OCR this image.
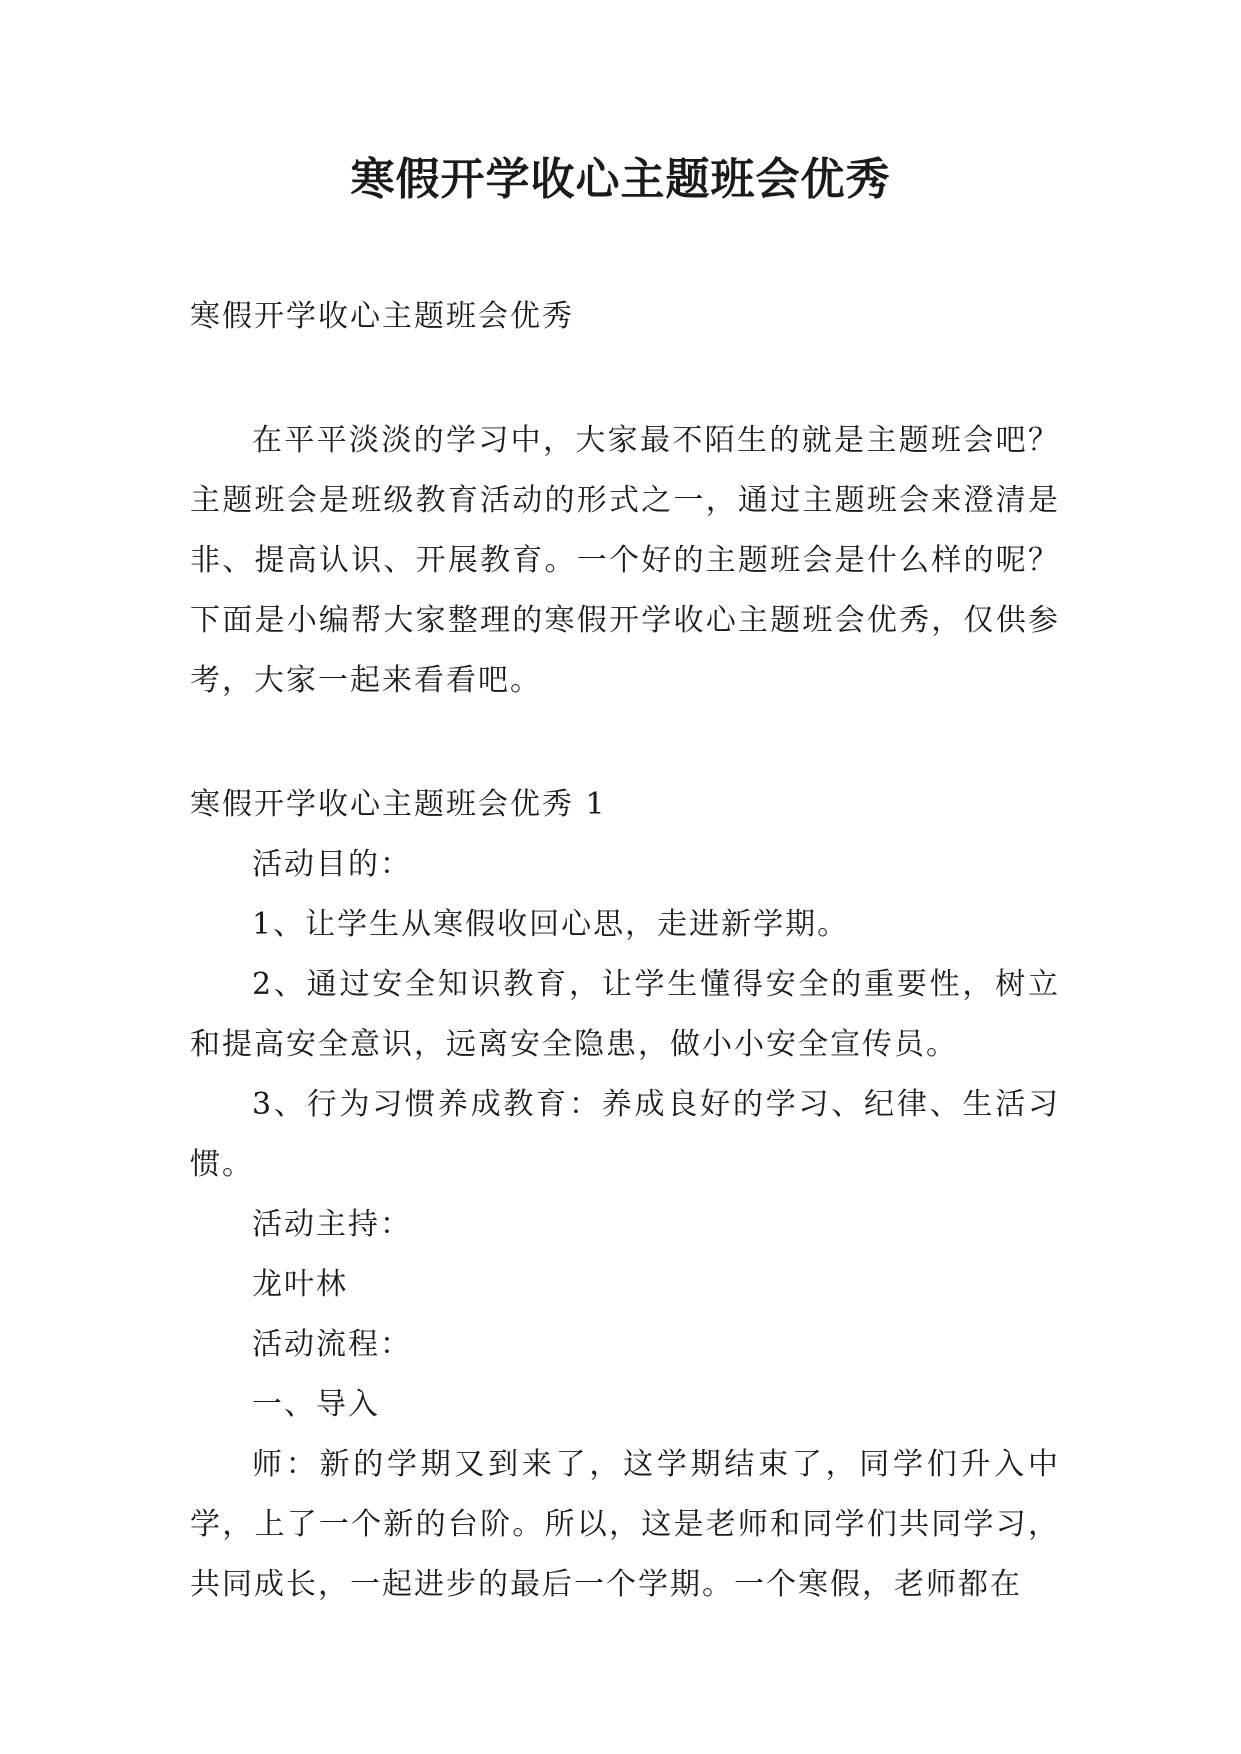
寒假开学收心主题班会优秀

寒假开学收心主题班会优秀

在平平淡淡的学习中，大家最不陌生的就是主题班会吧？主题班会是班级教育活动的形式之一，通过主题班会来澄清是非、提高认识、开展教育。一个好的主题班会是什么样的呢？下面是小编帮大家整理的寒假开学收心主题班会优秀，仅供参考，大家一起来看看吧。

寒假开学收心主题班会优秀 1

活动目的：

1、让学生从寒假收回心思，走进新学期。

2、通过安全知识教育，让学生懂得安全的重要性，树立和提高安全意识，远离安全隐患，做小小安全宣传员。

3、行为习惯养成教育：养成良好的学习、纪律、生活习惯。

活动主持：

龙叶林

活动流程：

一、导入

师：新的学期又到来了，这学期结束了，同学们升入中学，上了一个新的台阶。所以，这是老师和同学们共同学习，共同成长，一起进步的最后一个学期。一个寒假，老师都在
